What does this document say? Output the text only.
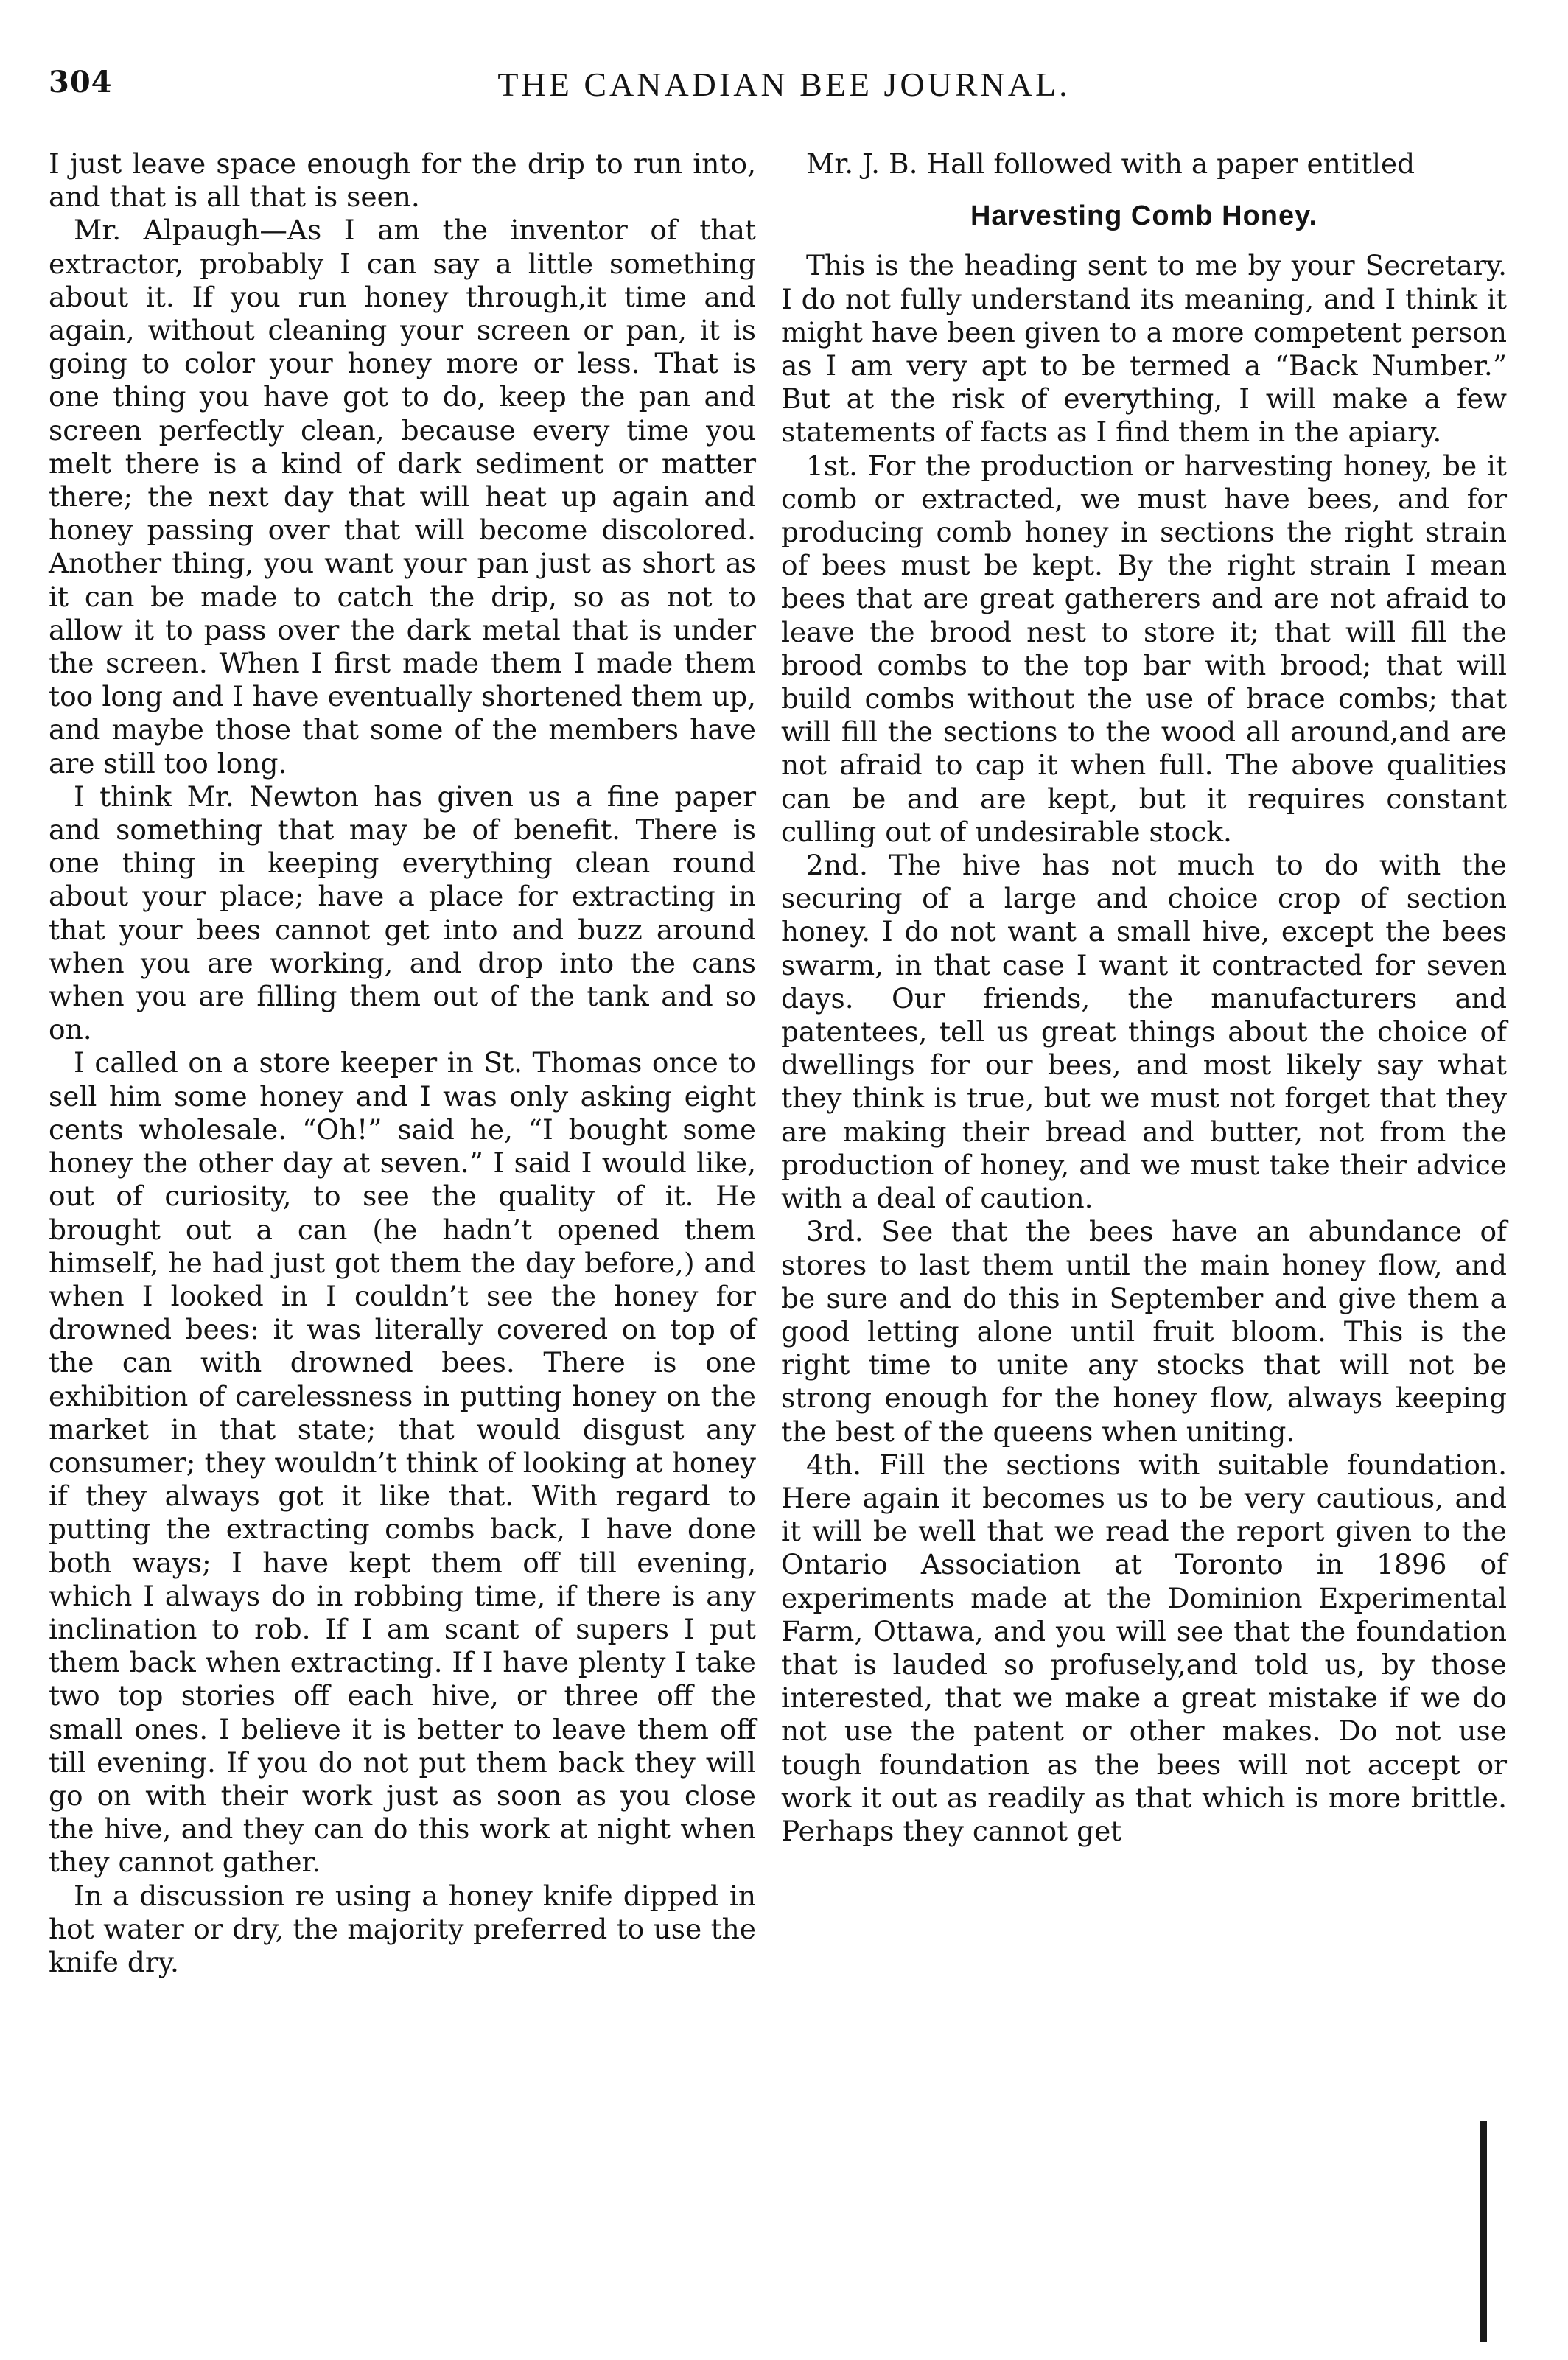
304	THE CANADIAN BEE JOURNAL.

I just leave space enough for the drip to run into, and that is all that is seen.

Mr. Alpaugh—As I am the inventor of that extractor, probably I can say a little something about it. If you run honey through,it time and again, without cleaning your screen or pan, it is going to color your honey more or less. That is one thing you have got to do, keep the pan and screen perfectly clean, because every time you melt there is a kind of dark sediment or matter there; the next day that will heat up again and honey passing over that will become discolored. Another thing, you want your pan just as short as it can be made to catch the drip, so as not to allow it to pass over the dark metal that is under the screen. When I first made them I made them too long and I have eventually shortened them up, and maybe those that some of the members have are still too long.

I think Mr. Newton has given us a fine paper and something that may be of benefit. There is one thing in keeping everything clean round about your place; have a place for extracting in that your bees cannot get into and buzz around when you are working, and drop into the cans when you are filling them out of the tank and so on.

I called on a store keeper in St. Thomas once to sell him some honey and I was only asking eight cents wholesale. “Oh!” said he, “I bought some honey the other day at seven.” I said I would like, out of curiosity, to see the quality of it. He brought out a can (he hadn’t opened them himself, he had just got them the day before,) and when I looked in I couldn’t see the honey for drowned bees: it was literally covered on top of the can with drowned bees. There is one exhibition of carelessness in putting honey on the market in that state; that would disgust any consumer; they wouldn’t think of looking at honey if they always got it like that. With regard to putting the extracting combs back, I have done both ways; I have kept them off till evening, which I always do in robbing time, if there is any inclination to rob. If I am scant of supers I put them back when extracting. If I have plenty I take two top stories off each hive, or three off the small ones. I believe it is better to leave them off till evening. If you do not put them back they will go on with their work just as soon as you close the hive, and they can do this work at night when they cannot gather.

In a discussion re using a honey knife dipped in hot water or dry, the majority preferred to use the knife dry.

Mr. J. B. Hall followed with a paper entitled

Harvesting Comb Honey.

This is the heading sent to me by your Secretary. I do not fully understand its meaning, and I think it might have been given to a more competent person as I am very apt to be termed a “Back Number.” But at the risk of everything, I will make a few statements of facts as I find them in the apiary.

1st. For the production or harvesting honey, be it comb or extracted, we must have bees, and for producing comb honey in sections the right strain of bees must be kept. By the right strain I mean bees that are great gatherers and are not afraid to leave the brood nest to store it; that will fill the brood combs to the top bar with brood; that will build combs without the use of brace combs; that will fill the sections to the wood all around,and are not afraid to cap it when full. The above qualities can be and are kept, but it requires constant culling out of undesirable stock.

2nd. The hive has not much to do with the securing of a large and choice crop of section honey. I do not want a small hive, except the bees swarm, in that case I want it contracted for seven days. Our friends, the manufacturers and patentees, tell us great things about the choice of dwellings for our bees, and most likely say what they think is true, but we must not forget that they are making their bread and butter, not from the production of honey, and we must take their advice with a deal of caution.

3rd. See that the bees have an abundance of stores to last them until the main honey flow, and be sure and do this in September and give them a good letting alone until fruit bloom. This is the right time to unite any stocks that will not be strong enough for the honey flow, always keeping the best of the queens when uniting.

4th. Fill the sections with suitable foundation. Here again it becomes us to be very cautious, and it will be well that we read the report given to the Ontario Association at Toronto in 1896 of experiments made at the Dominion Experimental Farm, Ottawa, and you will see that the foundation that is lauded so profusely,and told us, by those interested, that we make a great mistake if we do not use the patent or other makes. Do not use tough foundation as the bees will not accept or work it out as readily as that which is more brittle. Perhaps they cannot get
